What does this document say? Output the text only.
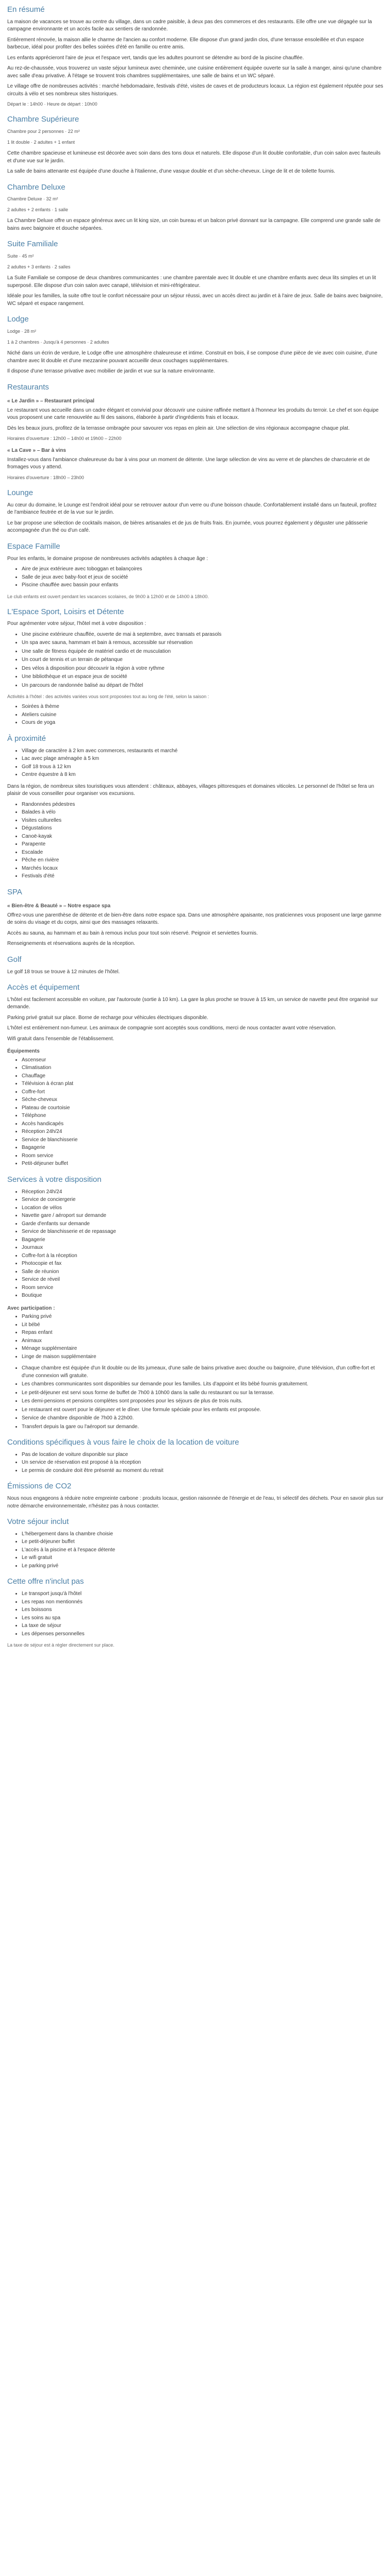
En résumé

La maison de vacances se trouve au centre du village, dans un cadre paisible, à deux pas des commerces et des restaurants. Elle offre une vue dégagée sur la campagne environnante et un accès facile aux sentiers de randonnée.

Entièrement rénovée, la maison allie le charme de l'ancien au confort moderne. Elle dispose d'un grand jardin clos, d'une terrasse ensoleillée et d'un espace barbecue, idéal pour profiter des belles soirées d'été en famille ou entre amis.

Les enfants apprécieront l'aire de jeux et l'espace vert, tandis que les adultes pourront se détendre au bord de la piscine chauffée.

Au rez-de-chaussée, vous trouverez un vaste séjour lumineux avec cheminée, une cuisine entièrement équipée ouverte sur la salle à manger, ainsi qu'une chambre avec salle d'eau privative. À l'étage se trouvent trois chambres supplémentaires, une salle de bains et un WC séparé.

Le village offre de nombreuses activités : marché hebdomadaire, festivals d'été, visites de caves et de producteurs locaux. La région est également réputée pour ses circuits à vélo et ses nombreux sites historiques.

Départ le : 14h00 · Heure de départ : 10h00

Chambre Supérieure

Chambre pour 2 personnes · 22 m²

1 lit double · 2 adultes + 1 enfant

Cette chambre spacieuse et lumineuse est décorée avec soin dans des tons doux et naturels. Elle dispose d'un lit double confortable, d'un coin salon avec fauteuils et d'une vue sur le jardin.

La salle de bains attenante est équipée d'une douche à l'italienne, d'une vasque double et d'un sèche-cheveux. Linge de lit et de toilette fournis.

Chambre Deluxe

Chambre Deluxe · 32 m²

2 adultes + 2 enfants · 1 salle

La Chambre Deluxe offre un espace généreux avec un lit king size, un coin bureau et un balcon privé donnant sur la campagne. Elle comprend une grande salle de bains avec baignoire et douche séparées.

Suite Familiale

Suite · 45 m²

2 adultes + 3 enfants · 2 salles

La Suite Familiale se compose de deux chambres communicantes : une chambre parentale avec lit double et une chambre enfants avec deux lits simples et un lit superposé. Elle dispose d'un coin salon avec canapé, télévision et mini-réfrigérateur.

Idéale pour les familles, la suite offre tout le confort nécessaire pour un séjour réussi, avec un accès direct au jardin et à l'aire de jeux. Salle de bains avec baignoire, WC séparé et espace rangement.

Lodge

Lodge · 28 m²

1 à 2 chambres · Jusqu'à 4 personnes · 2 adultes

Niché dans un écrin de verdure, le Lodge offre une atmosphère chaleureuse et intime. Construit en bois, il se compose d'une pièce de vie avec coin cuisine, d'une chambre avec lit double et d'une mezzanine pouvant accueillir deux couchages supplémentaires.

Il dispose d'une terrasse privative avec mobilier de jardin et vue sur la nature environnante.

Restaurants

« Le Jardin » – Restaurant principal

Le restaurant vous accueille dans un cadre élégant et convivial pour découvrir une cuisine raffinée mettant à l'honneur les produits du terroir. Le chef et son équipe vous proposent une carte renouvelée au fil des saisons, élaborée à partir d'ingrédients frais et locaux.

Dès les beaux jours, profitez de la terrasse ombragée pour savourer vos repas en plein air. Une sélection de vins régionaux accompagne chaque plat.

Horaires d'ouverture : 12h00 – 14h00 et 19h00 – 22h00

« La Cave » – Bar à vins

Installez-vous dans l'ambiance chaleureuse du bar à vins pour un moment de détente. Une large sélection de vins au verre et de planches de charcuterie et de fromages vous y attend.

Horaires d'ouverture : 18h00 – 23h00

Lounge

Au cœur du domaine, le Lounge est l'endroit idéal pour se retrouver autour d'un verre ou d'une boisson chaude. Confortablement installé dans un fauteuil, profitez de l'ambiance feutrée et de la vue sur le jardin.

Le bar propose une sélection de cocktails maison, de bières artisanales et de jus de fruits frais. En journée, vous pourrez également y déguster une pâtisserie accompagnée d'un thé ou d'un café.

Espace Famille

Pour les enfants, le domaine propose de nombreuses activités adaptées à chaque âge :

• Aire de jeux extérieure avec toboggan et balançoires
• Salle de jeux avec baby-foot et jeux de société
• Piscine chauffée avec bassin pour enfants

Le club enfants est ouvert pendant les vacances scolaires, de 9h00 à 12h00 et de 14h00 à 18h00.

L'Espace Sport, Loisirs et Détente

Pour agrémenter votre séjour, l'hôtel met à votre disposition :

• Une piscine extérieure chauffée, ouverte de mai à septembre, avec transats et parasols
• Un spa avec sauna, hammam et bain à remous, accessible sur réservation
• Une salle de fitness équipée de matériel cardio et de musculation
• Un court de tennis et un terrain de pétanque
• Des vélos à disposition pour découvrir la région à votre rythme
• Une bibliothèque et un espace jeux de société
• Un parcours de randonnée balisé au départ de l'hôtel

Activités à l'hôtel : des activités variées vous sont proposées tout au long de l'été, selon la saison :

• Soirées à thème
• Ateliers cuisine
• Cours de yoga
À proximité
• Village de caractère à 2 km avec commerces, restaurants et marché
• Lac avec plage aménagée à 5 km
• Golf 18 trous à 12 km
• Centre équestre à 8 km

Dans la région, de nombreux sites touristiques vous attendent : châteaux, abbayes, villages pittoresques et domaines viticoles. Le personnel de l'hôtel se fera un plaisir de vous conseiller pour organiser vos excursions.

• Randonnées pédestres
• Balades à vélo
• Visites culturelles
• Dégustations
• Canoë-kayak
• Parapente
• Escalade
• Pêche en rivière
• Marchés locaux
• Festivals d'été
SPA

« Bien-être & Beauté » – Notre espace spa

Offrez-vous une parenthèse de détente et de bien-être dans notre espace spa. Dans une atmosphère apaisante, nos praticiennes vous proposent une large gamme de soins du visage et du corps, ainsi que des massages relaxants.

Accès au sauna, au hammam et au bain à remous inclus pour tout soin réservé. Peignoir et serviettes fournis.

Renseignements et réservations auprès de la réception.

Golf

Le golf 18 trous se trouve à 12 minutes de l'hôtel.

Accès et équipement

L'hôtel est facilement accessible en voiture, par l'autoroute (sortie à 10 km). La gare la plus proche se trouve à 15 km, un service de navette peut être organisé sur demande.

Parking privé gratuit sur place. Borne de recharge pour véhicules électriques disponible.

L'hôtel est entièrement non-fumeur. Les animaux de compagnie sont acceptés sous conditions, merci de nous contacter avant votre réservation.

Wifi gratuit dans l'ensemble de l'établissement.

Équipements

• Ascenseur
• Climatisation
• Chauffage
• Télévision à écran plat
• Coffre-fort
• Sèche-cheveux
• Plateau de courtoisie
• Téléphone
• Accès handicapés
• Réception 24h/24
• Service de blanchisserie
• Bagagerie
• Room service
• Petit-déjeuner buffet
Services à votre disposition
• Réception 24h/24
• Service de conciergerie
• Location de vélos
• Navette gare / aéroport sur demande
• Garde d'enfants sur demande
• Service de blanchisserie et de repassage
• Bagagerie
• Journaux
• Coffre-fort à la réception
• Photocopie et fax
• Salle de réunion
• Service de réveil
• Room service
• Boutique

Avec participation :

• Parking privé
• Lit bébé
• Repas enfant
• Animaux
• Ménage supplémentaire
• Linge de maison supplémentaire
• Chaque chambre est équipée d'un lit double ou de lits jumeaux, d'une salle de bains privative avec douche ou baignoire, d'une télévision, d'un coffre-fort et d'une connexion wifi gratuite.
• Les chambres communicantes sont disponibles sur demande pour les familles. Lits d'appoint et lits bébé fournis gratuitement.
• Le petit-déjeuner est servi sous forme de buffet de 7h00 à 10h00 dans la salle du restaurant ou sur la terrasse.
• Les demi-pensions et pensions complètes sont proposées pour les séjours de plus de trois nuits.
• Le restaurant est ouvert pour le déjeuner et le dîner. Une formule spéciale pour les enfants est proposée.
• Service de chambre disponible de 7h00 à 22h00.
• Transfert depuis la gare ou l'aéroport sur demande.
Conditions spécifiques à vous faire le choix de la location de voiture
• Pas de location de voiture disponible sur place
• Un service de réservation est proposé à la réception
• Le permis de conduire doit être présenté au moment du retrait
Émissions de CO2

Nous nous engageons à réduire notre empreinte carbone : produits locaux, gestion raisonnée de l'énergie et de l'eau, tri sélectif des déchets. Pour en savoir plus sur notre démarche environnementale, n'hésitez pas à nous contacter.

Votre séjour inclut
• L'hébergement dans la chambre choisie
• Le petit-déjeuner buffet
• L'accès à la piscine et à l'espace détente
• Le wifi gratuit
• Le parking privé
Cette offre n'inclut pas
• Le transport jusqu'à l'hôtel
• Les repas non mentionnés
• Les boissons
• Les soins au spa
• La taxe de séjour
• Les dépenses personnelles

La taxe de séjour est à régler directement sur place.
